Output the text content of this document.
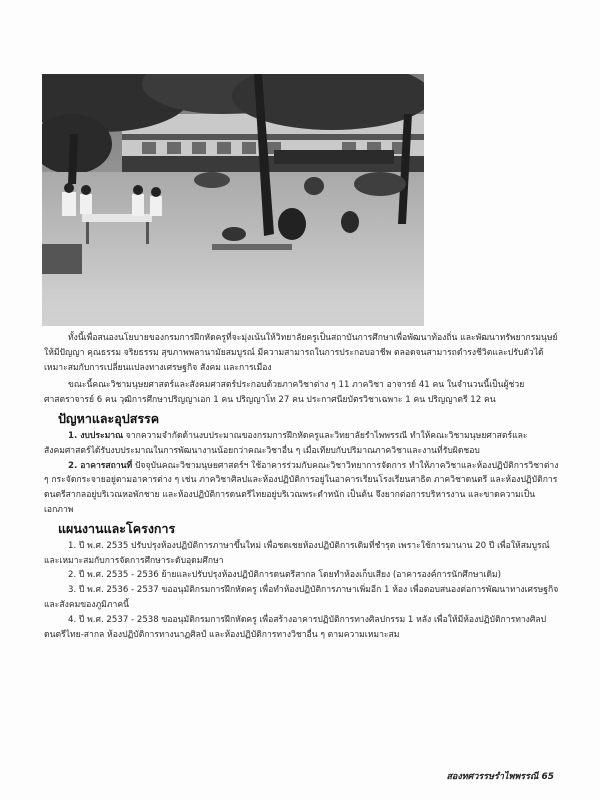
ทั้งนี้เพื่อสนองนโยบายของกรมการฝึกหัดครูที่จะมุ่งเน้นให้วิทยาลัยครูเป็นสถาบันการศึกษาเพื่อพัฒนาท้องถิ่น และพัฒนาทรัพยากรมนุษย์ให้มีปัญญา คุณธรรม จริยธรรม สุขภาพพลานามัยสมบูรณ์ มีความสามารถในการประกอบอาชีพ ตลอดจนสามารถดำรงชีวิตและปรับตัวได้เหมาะสมกับการเปลี่ยนแปลงทางเศรษฐกิจ สังคม และการเมือง

ขณะนี้คณะวิชามนุษยศาสตร์และสังคมศาสตร์ประกอบด้วยภาควิชาต่าง ๆ 11 ภาควิชา อาจารย์ 41 คน ในจำนวนนี้เป็นผู้ช่วยศาสตราจารย์ 6 คน วุฒิการศึกษาปริญญาเอก 1 คน ปริญญาโท 27 คน ประกาศนียบัตรวิชาเฉพาะ 1 คน ปริญญาตรี 12 คน

ปัญหาและอุปสรรค

1. งบประมาณ จากความจำกัดด้านงบประมาณของกรมการฝึกหัดครูและวิทยาลัยรำไพพรรณี ทำให้คณะวิชามนุษยศาสตร์และสังคมศาสตร์ได้รับงบประมาณในการพัฒนางานน้อยกว่าคณะวิชาอื่น ๆ เมื่อเทียบกับปริมาณภาควิชาและงานที่รับผิดชอบ

2. อาคารสถานที่ ปัจจุบันคณะวิชามนุษยศาสตร์ฯ ใช้อาคารร่วมกับคณะวิชาวิทยาการจัดการ ทำให้ภาควิชาและห้องปฏิบัติการวิชาต่าง ๆ กระจัดกระจายอยู่ตามอาคารต่าง ๆ เช่น ภาควิชาศิลปและห้องปฏิบัติการอยู่ในอาคารเรียนโรงเรียนสาธิต ภาควิชาดนตรี และห้องปฏิบัติการดนตรีสากลอยู่บริเวณหอพักชาย และห้องปฏิบัติการดนตรีไทยอยู่บริเวณพระตำหนัก เป็นต้น จึงยากต่อการบริหารงาน และขาดความเป็นเอกภาพ

แผนงานและโครงการ

1. ปี พ.ศ. 2535 ปรับปรุงห้องปฏิบัติการภาษาขึ้นใหม่ เพื่อชดเชยห้องปฏิบัติการเดิมที่ชำรุด เพราะใช้การมานาน 20 ปี เพื่อให้สมบูรณ์และเหมาะสมกับการจัดการศึกษาระดับอุดมศึกษา

2. ปี พ.ศ. 2535 - 2536 ย้ายและปรับปรุงห้องปฏิบัติการดนตรีสากล โดยทำห้องเก็บเสียง (อาคารองค์การนักศึกษาเดิม)

3. ปี พ.ศ. 2536 - 2537 ขออนุมัติกรมการฝึกหัดครู เพื่อทำห้องปฏิบัติการภาษาเพิ่มอีก 1 ห้อง เพื่อตอบสนองต่อการพัฒนาทางเศรษฐกิจและสังคมของภูมิภาคนี้

4. ปี พ.ศ. 2537 - 2538 ขออนุมัติกรมการฝึกหัดครู เพื่อสร้างอาคารปฏิบัติการทางศิลปกรรม 1 หลัง เพื่อให้มีห้องปฏิบัติการทางศิลป ดนตรีไทย-สากล ห้องปฏิบัติการทางนาฏศิลป์ และห้องปฏิบัติการทางวิชาอื่น ๆ ตามความเหมาะสม

สองทศวรรษรำไพพรรณี 65
